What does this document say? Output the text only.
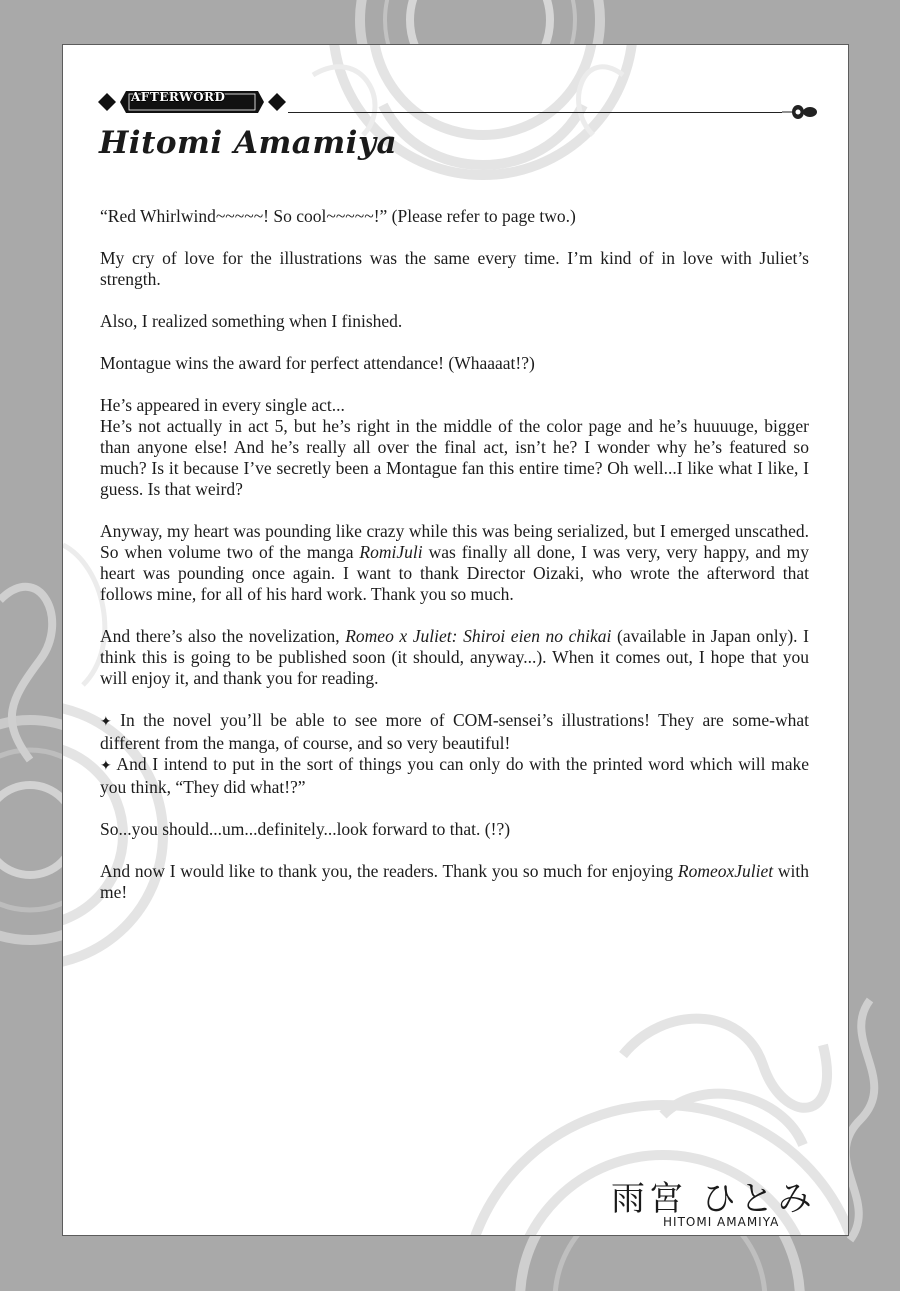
AFTERWORD
Hitomi Amamiya

“Red Whirlwind~~~~~! So cool~~~~~!” (Please refer to page two.)

My cry of love for the illustrations was the same every time. I’m kind of in love with Juliet’s strength.

Also, I realized something when I finished.

Montague wins the award for perfect attendance! (Whaaaat!?)

He’s appeared in every single act...

He’s not actually in act 5, but he’s right in the middle of the color page and he’s huuuuge, bigger than anyone else! And he’s really all over the final act, isn’t he? I wonder why he’s featured so much? Is it because I’ve secretly been a Montague fan this entire time? Oh well...I like what I like, I guess. Is that weird?

Anyway, my heart was pounding like crazy while this was being serialized, but I emerged unscathed. So when volume two of the manga RomiJuli was finally all done, I was very, very happy, and my heart was pounding once again. I want to thank Director Oizaki, who wrote the afterword that follows mine, for all of his hard work. Thank you so much.

And there’s also the novelization, Romeo x Juliet: Shiroi eien no chikai (available in Japan only). I think this is going to be published soon (it should, anyway...). When it comes out, I hope that you will enjoy it, and thank you for reading.

✦ In the novel you’ll be able to see more of COM-sensei’s illustrations! They are some-what different from the manga, of course, and so very beautiful!

✦ And I intend to put in the sort of things you can only do with the printed word which will make you think, “They did what!?”

So...you should...um...definitely...look forward to that. (!?)

And now I would like to thank you, the readers. Thank you so much for enjoying RomeoxJuliet with me!

雨宮 ひとみ
HITOMI AMAMIYA
